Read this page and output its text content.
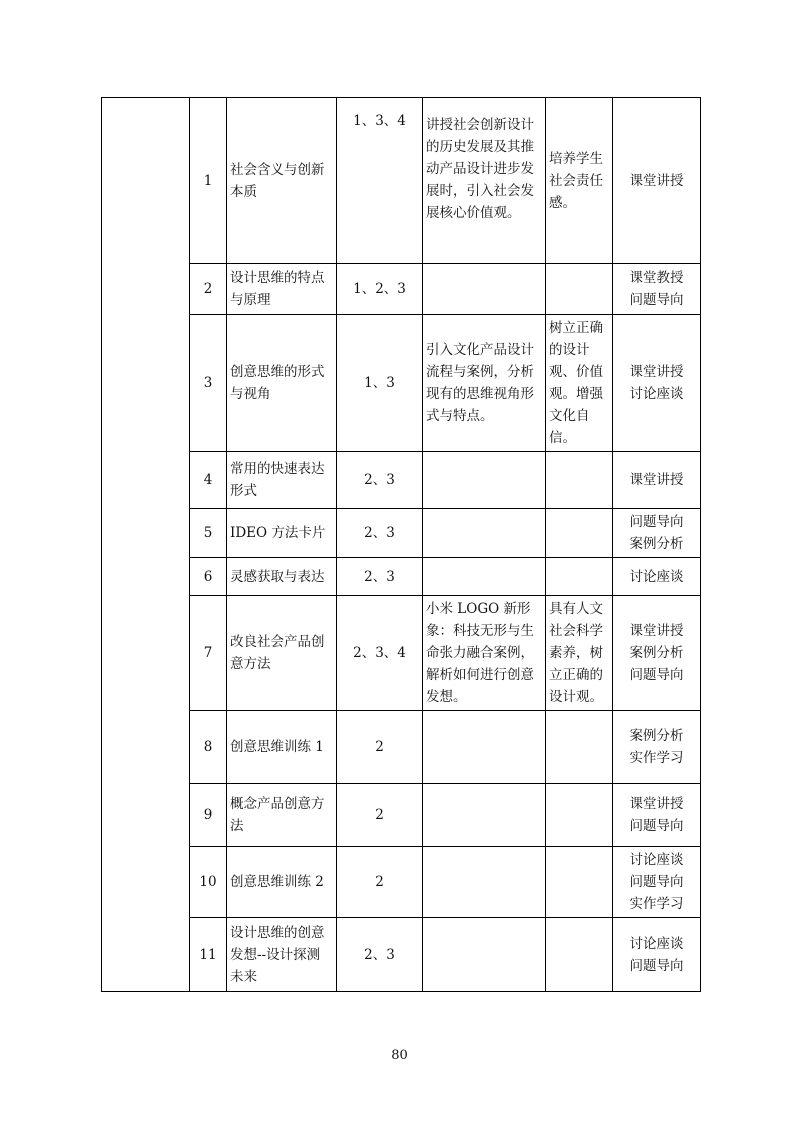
	1	社会含义与创新本质	1、3、4	讲授社会创新设计的历史发展及其推动产品设计进步发展时，引入社会发展核心价值观。	培养学生社会责任感。	课堂讲授

	2	设计思维的特点与原理	1、2、3			课堂教授
问题导向

	3	创意思维的形式与视角	1、3	引入文化产品设计流程与案例，分析现有的思维视角形式与特点。	树立正确的设计观、价值观。增强文化自信。	课堂讲授
讨论座谈

	4	常用的快速表达形式	2、3			课堂讲授

	5	IDEO 方法卡片	2、3			问题导向
案例分析

	6	灵感获取与表达	2、3			讨论座谈

	7	改良社会产品创意方法	2、3、4	小米 LOGO 新形象：科技无形与生命张力融合案例，解析如何进行创意发想。	具有人文社会科学素养，树立正确的设计观。	课堂讲授
案例分析
问题导向

	8	创意思维训练 1	2			案例分析
实作学习

	9	概念产品创意方法	2			课堂讲授
问题导向

	10	创意思维训练 2	2			讨论座谈
问题导向
实作学习

	11	设计思维的创意发想--设计探测未来	2、3			讨论座谈
问题导向
80
